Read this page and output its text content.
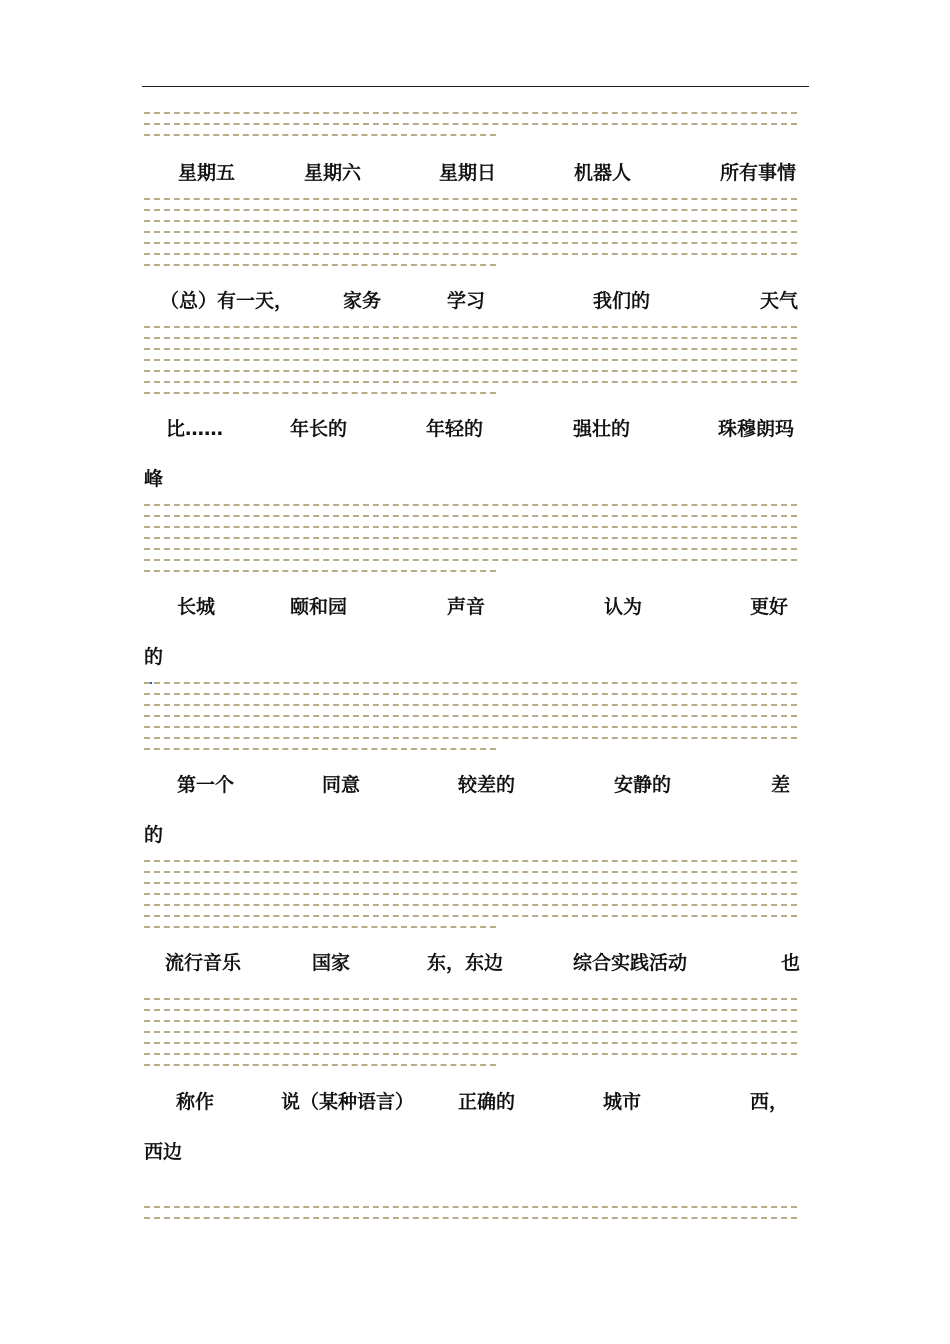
星期五	星期六	星期日	机器人	所有事情
（总）有一天，	家务	学习	我们的	天气
比……	年长的	年轻的	强壮的	珠穆朗玛
峰
长城	颐和园	声音	认为	更好
的
第一个	同意	较差的	安静的	差
的
流行音乐	国家	东，东边	综合实践活动	也
称作	说（某种语言） 正确的	城市	西，
西边
